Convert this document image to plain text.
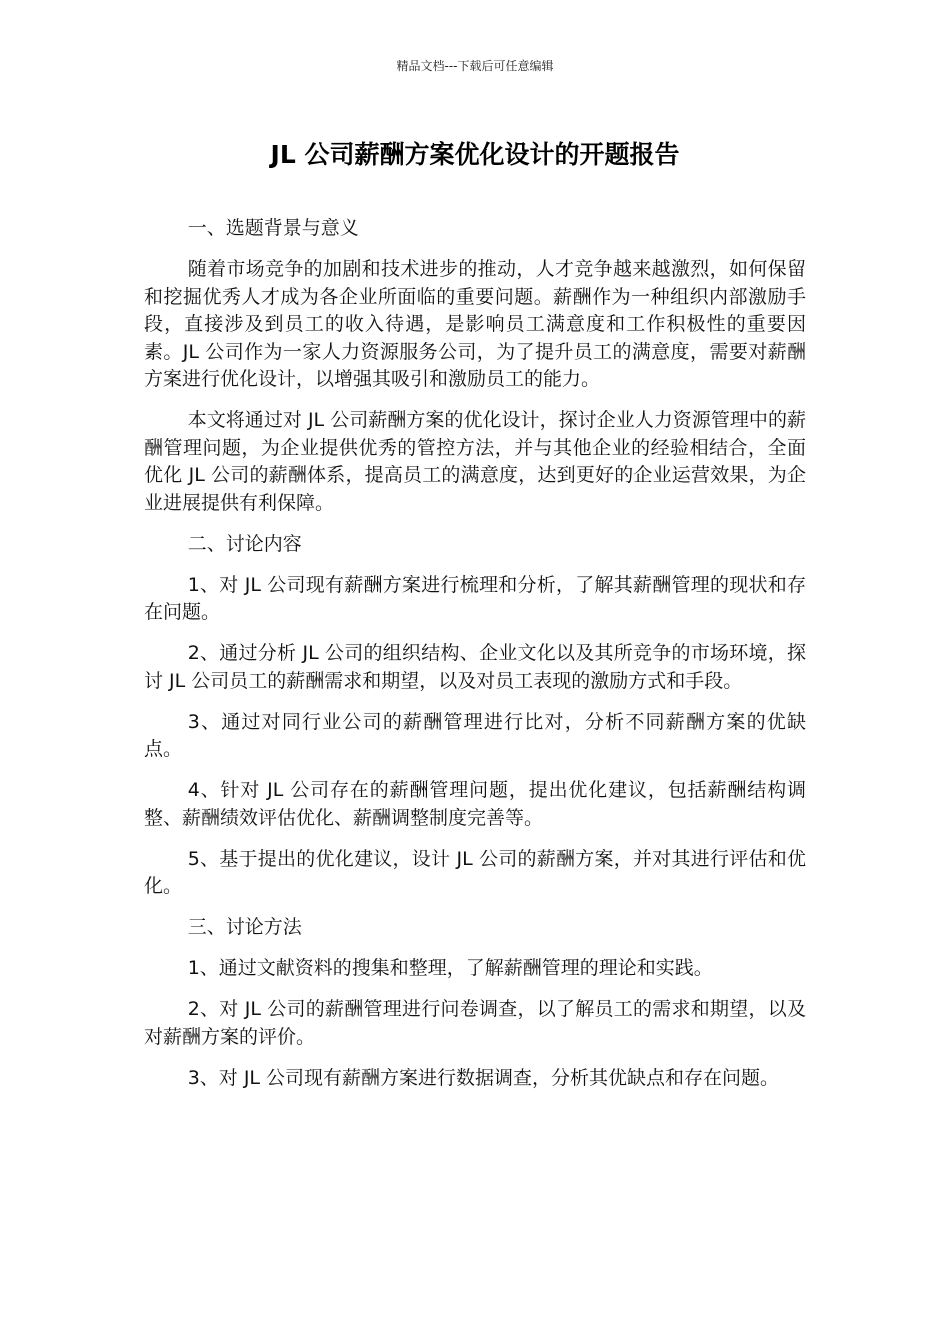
精品文档---下载后可任意编辑
JL 公司薪酬方案优化设计的开题报告
一、选题背景与意义

随着市场竞争的加剧和技术进步的推动，人才竞争越来越激烈，如何保留和挖掘优秀人才成为各企业所面临的重要问题。薪酬作为一种组织内部激励手段，直接涉及到员工的收入待遇，是影响员工满意度和工作积极性的重要因素。JL 公司作为一家人力资源服务公司，为了提升员工的满意度，需要对薪酬方案进行优化设计，以增强其吸引和激励员工的能力。

本文将通过对 JL 公司薪酬方案的优化设计，探讨企业人力资源管理中的薪酬管理问题，为企业提供优秀的管控方法，并与其他企业的经验相结合，全面优化 JL 公司的薪酬体系，提高员工的满意度，达到更好的企业运营效果，为企业进展提供有利保障。

二、讨论内容

1、对 JL 公司现有薪酬方案进行梳理和分析，了解其薪酬管理的现状和存在问题。

2、通过分析 JL 公司的组织结构、企业文化以及其所竞争的市场环境，探讨 JL 公司员工的薪酬需求和期望，以及对员工表现的激励方式和手段。

3、通过对同行业公司的薪酬管理进行比对，分析不同薪酬方案的优缺点。

4、针对 JL 公司存在的薪酬管理问题，提出优化建议，包括薪酬结构调整、薪酬绩效评估优化、薪酬调整制度完善等。

5、基于提出的优化建议，设计 JL 公司的薪酬方案，并对其进行评估和优化。

三、讨论方法

1、通过文献资料的搜集和整理，了解薪酬管理的理论和实践。

2、对 JL 公司的薪酬管理进行问卷调查，以了解员工的需求和期望，以及对薪酬方案的评价。

3、对 JL 公司现有薪酬方案进行数据调查，分析其优缺点和存在问题。
